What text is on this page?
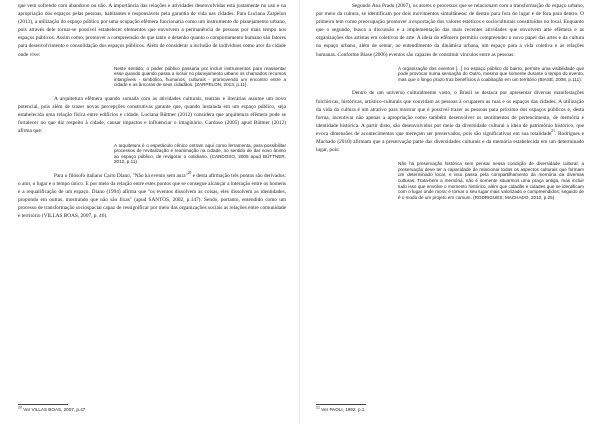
que vem sofrendo com abandono ou não. A importância das relações e atividades desenvolvidas está justamente no uso e na apropriação dos espaços pelas pessoas, habitantes e responsáveis pela garantia de vida nas cidades. Para Luciana Zarpelon (2013), a utilização do espaço público por uma ocupação efêmera funcionaria como um instrumento do planejamento urbano, pois através dele tornar-se possível estabelecer elementos que envolvem a permanência de pessoas por mais tempo nos espaços públicos. Assim como, promover a compreensão de que tanto o desenho quanto o comportamento humano são fatores para desenvolvimento e consolidação dos espaços públicos. Além de considerar a inclusão de indivíduos como ator da cidade onde vive:

Neste sentido, o poder público passaria por incluir instrumentos para reassentar esse quando quando passa a incluir no planejamento urbano os chamados recursos intangíveis - simbólico, humanos, culturais - promovendo um encontro entre a cidade e as âncoras de seus cidadãos. (ZARPELON, 2013, p.11).

A arquitetura efêmera quando somada com as atividades culturais, teatrais e literárias assume um novo potencial, pois além de trazer novas percepções construtivas garante que, quando instalada em um espaço público, seja estabelecida uma relação física entre edifícios e cidade. Luciana Büttner (2012) considera que arquitetura efêmera pode se fortalecer no que diz respeito à cidade, causar impactos e influenciar o imaginário. Cardoso (2005) apud Büttner (2012) afirma que:

A arquitetura é o espetáculo cênico entram aqui como ferramenta, para possibilitar processos de revitalização e reanimação na cidade, no sentido de dar novo ânimo ao espaço público, de revigorar o cotidiano. (CARDOSO, 2005 apud BÜTTNER, 2012, p.11).

Para o filósofo italiano Carlo Diano, "Não há evento sem aura"$^{20}$ e desta afirmação três pontos são derivados: o ator, o lugar e o tempo único. E por meio da relação entre estes pontos que se consegue alcançar a interação entre os homens e a requalificação de um espaço. Diano (1994) afirma que "os eventos dissolvem as coisas, eles dissolvem as identidades, propondo em outras, mostrando que não são fixas" (apud SANTOS, 2002, p.147). Sendo, portanto, entendido como um processo de transformação sociospacial capaz de ressignificar por meio das organizações sociais as relações entre comunidade e território (VILLAS BOAS, 2007, p. 46).

$^{20}$ Ver VILLAS BOAS, 2007, p.47

Segundo Ana Prado (2007), os atores e processos que se relacionam com a transformação do espaço urbano, por meio da cultura, se identificam por dois movimentos simultâneos: de dentro para fora do lugar e de fora para dentro. O primeiro tem como preocupação promover a exportação dos valores estéticos e socioculturais constituídos no local. Enquanto que o segundo, busca a discussão e a implementação das mais recentes atividades que envolvem arte efêmera e as organizações dos artistas em coletivos de arte. A ideia do efêmero permitiu compreender o novo papel das artes e da cultura no espaço urbano, além de sentar, ao entendimento da dinâmica urbana, um espaço para a vida coletiva e as relações humanas. Conforme Biase (2006) eventos são capazes de constituir vínculos entre as pessoas:

A organização dos eventos [...] no espaço público do bairro, permite uma visibilidade que pode provocar numa sensação do Outro, mesmo que somente durante o tempo do evento, mas que o longo prazo traz benefícios à coabitação em um território (BIASE, 2006, p.111).

Dentro de um universo culturalmente vasto, o Brasil se destaca por apresentar diversas manifestações folclóricas, históricas, artístico-culturais que convidam as pessoas à ocuparem as ruas e os espaços das cidades. A utilização da vida da cultura é um atrativo para mostrar que é possível trazer as pessoas para próximo dos espaços públicos e, desta forma, incentivar não apenas a apropriação como também desenvolver os sentimentos de pertencimento, de memória e identidade histórica. A partir disto, são desenvolvidos por meio da diversidade cultural a ideia de patrimônio histórico, que evoca dimensões de acontecimentos que mereçam ser preservados, pois são significativos em sua totalidade$^{21}$. Rodrigues e Machado (2010) afirmam que a preservação parte das diversidades culturais e da memória estabelecida em um determinado lugar, pois:

Não há preservação histórica sem pensar nessa condição de diversidade cultural; a preservação deve ter a capacidade de relacionar todas os aspectos culturais que formam um determinado local, e isso passa pela compartilhamento da memória da diversas culturas. Trata-bem a memória, não é somente situarmos uma praça antiga, mas incluir tudo isso que envolve o momento histórico, além que cidadãs e cidades que se identificam com o lugar onde mora; é tornar o seu lugar mais valorizado e compreendidos; seguido de é o modo de um projeto em comum. (RODRIGUES; MACHADO, 2010, p.25)
$^{21}$ Ver PAOLI, 1992, p.1
